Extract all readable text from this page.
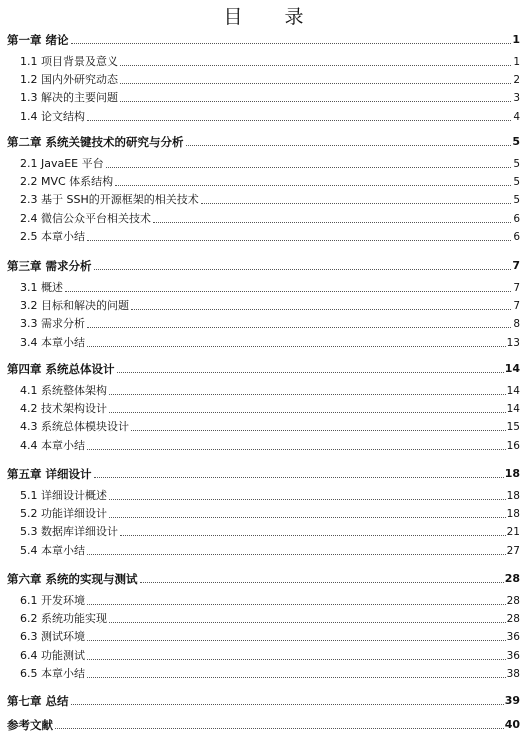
目 录
第一章 绪论	1
1.1 项目背景及意义	1
1.2 国内外研究动态	2
1.3 解决的主要问题	3
1.4 论文结构	4
第二章 系统关键技术的研究与分析	5
2.1 JavaEE 平台	5
2.2 MVC 体系结构	5
2.3 基于 SSH的开源框架的相关技术	5
2.4 微信公众平台相关技术	6
2.5 本章小结	6
第三章 需求分析	7
3.1 概述	7
3.2 目标和解决的问题	7
3.3 需求分析	8
3.4 本章小结	13
第四章 系统总体设计	14
4.1 系统整体架构	14
4.2 技术架构设计	14
4.3 系统总体模块设计	15
4.4 本章小结	16
第五章 详细设计	18
5.1 详细设计概述	18
5.2 功能详细设计	18
5.3 数据库详细设计	21
5.4 本章小结	27
第六章 系统的实现与测试	28
6.1 开发环境	28
6.2 系统功能实现	28
6.3 测试环境	36
6.4 功能测试	36
6.5 本章小结	38
第七章 总结	39
参考文献	40
